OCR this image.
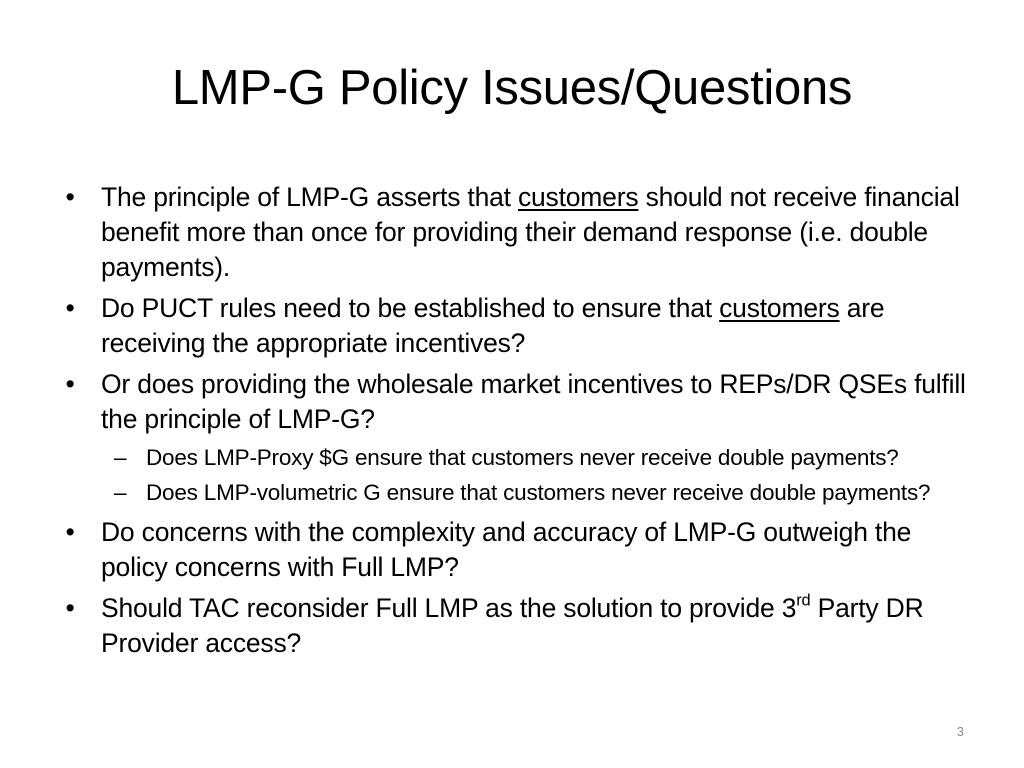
LMP-G Policy Issues/Questions
• The principle of LMP-G asserts that customers should not receive financial benefit more than once for providing their demand response (i.e. double payments).
• Do PUCT rules need to be established to ensure that customers are receiving the appropriate incentives?
• Or does providing the wholesale market incentives to REPs/DR QSEs fulfill the principle of LMP-G?
– Does LMP-Proxy $G ensure that customers never receive double payments?
– Does LMP-volumetric G ensure that customers never receive double payments?
• Do concerns with the complexity and accuracy of LMP-G outweigh the policy concerns with Full LMP?
• Should TAC reconsider Full LMP as the solution to provide 3rd Party DR Provider access?
3
